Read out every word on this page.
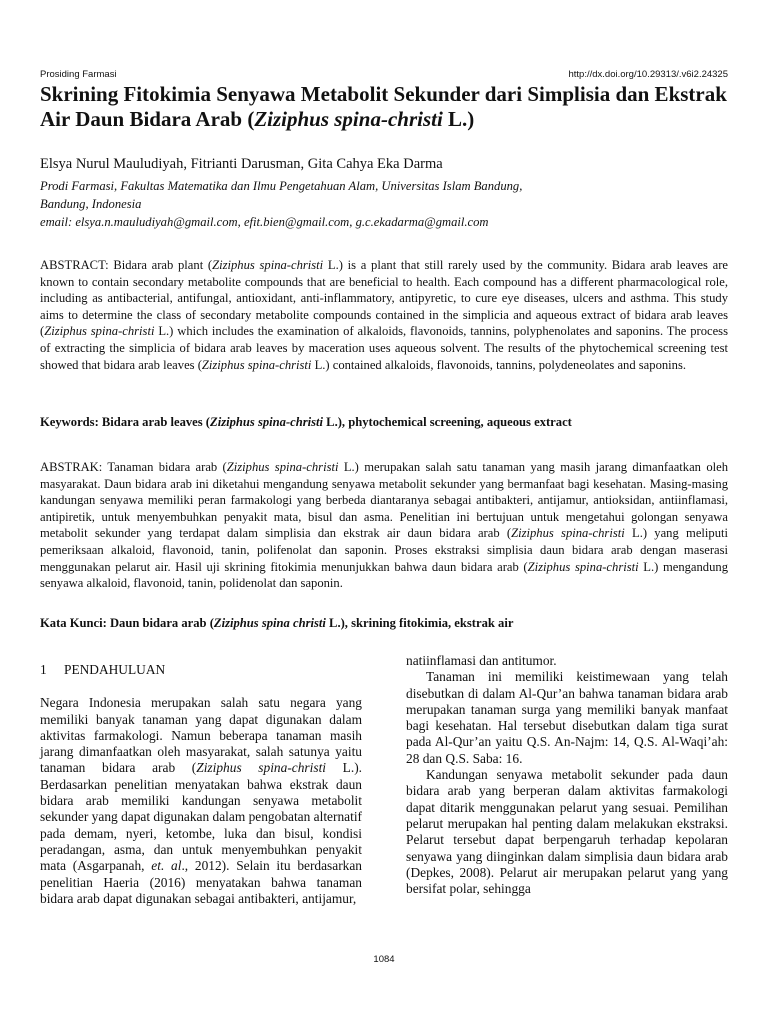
Prosiding Farmasi	http://dx.doi.org/10.29313/.v6i2.24325
Skrining Fitokimia Senyawa Metabolit Sekunder dari Simplisia dan Ekstrak Air Daun Bidara Arab (Ziziphus spina-christi L.)
Elsya Nurul Mauludiyah, Fitrianti Darusman, Gita Cahya Eka Darma
Prodi Farmasi, Fakultas Matematika dan Ilmu Pengetahuan Alam, Universitas Islam Bandung,
Bandung, Indonesia
email: elsya.n.mauludiyah@gmail.com, efit.bien@gmail.com, g.c.ekadarma@gmail.com

ABSTRACT: Bidara arab plant (Ziziphus spina-christi L.) is a plant that still rarely used by the community. Bidara arab leaves are known to contain secondary metabolite compounds that are beneficial to health. Each compound has a different pharmacological role, including as antibacterial, antifungal, antioxidant, anti-inflammatory, antipyretic, to cure eye diseases, ulcers and asthma. This study aims to determine the class of secondary metabolite compounds contained in the simplicia and aqueous extract of bidara arab leaves (Ziziphus spina-christi L.) which includes the examination of alkaloids, flavonoids, tannins, polyphenolates and saponins. The process of extracting the simplicia of bidara arab leaves by maceration uses aqueous solvent. The results of the phytochemical screening test showed that bidara arab leaves (Ziziphus spina-christi L.) contained alkaloids, flavonoids, tannins, polydeneolates and saponins.

Keywords: Bidara arab leaves (Ziziphus spina-christi L.), phytochemical screening, aqueous extract

ABSTRAK: Tanaman bidara arab (Ziziphus spina-christi L.) merupakan salah satu tanaman yang masih jarang dimanfaatkan oleh masyarakat. Daun bidara arab ini diketahui mengandung senyawa metabolit sekunder yang bermanfaat bagi kesehatan. Masing-masing kandungan senyawa memiliki peran farmakologi yang berbeda diantaranya sebagai antibakteri, antijamur, antioksidan, antiinflamasi, antipiretik, untuk menyembuhkan penyakit mata, bisul dan asma. Penelitian ini bertujuan untuk mengetahui golongan senyawa metabolit sekunder yang terdapat dalam simplisia dan ekstrak air daun bidara arab (Ziziphus spina-christi L.) yang meliputi pemeriksaan alkaloid, flavonoid, tanin, polifenolat dan saponin. Proses ekstraksi simplisia daun bidara arab dengan maserasi menggunakan pelarut air. Hasil uji skrining fitokimia menunjukkan bahwa daun bidara arab (Ziziphus spina-christi L.) mengandung senyawa alkaloid, flavonoid, tanin, polidenolat dan saponin.

Kata Kunci: Daun bidara arab (Ziziphus spina christi L.), skrining fitokimia, ekstrak air

1 PENDAHULUAN

Negara Indonesia merupakan salah satu negara yang memiliki banyak tanaman yang dapat digunakan dalam aktivitas farmakologi. Namun beberapa tanaman masih jarang dimanfaatkan oleh masyarakat, salah satunya yaitu tanaman bidara arab (Ziziphus spina-christi L.). Berdasarkan penelitian menyatakan bahwa ekstrak daun bidara arab memiliki kandungan senyawa metabolit sekunder yang dapat digunakan dalam pengobatan alternatif pada demam, nyeri, ketombe, luka dan bisul, kondisi peradangan, asma, dan untuk menyembuhkan penyakit mata (Asgarpanah, et. al., 2012). Selain itu berdasarkan penelitian Haeria (2016) menyatakan bahwa tanaman bidara arab dapat digunakan sebagai antibakteri, antijamur,

natiinflamasi dan antitumor.

Tanaman ini memiliki keistimewaan yang telah disebutkan di dalam Al-Qur’an bahwa tanaman bidara arab merupakan tanaman surga yang memiliki banyak manfaat bagi kesehatan. Hal tersebut disebutkan dalam tiga surat pada Al-Qur’an yaitu Q.S. An-Najm: 14, Q.S. Al-Waqi’ah: 28 dan Q.S. Saba: 16.

Kandungan senyawa metabolit sekunder pada daun bidara arab yang berperan dalam aktivitas farmakologi dapat ditarik menggunakan pelarut yang sesuai. Pemilihan pelarut merupakan hal penting dalam melakukan ekstraksi. Pelarut tersebut dapat berpengaruh terhadap kepolaran senyawa yang diinginkan dalam simplisia daun bidara arab (Depkes, 2008). Pelarut air merupakan pelarut yang yang bersifat polar, sehingga

1084
